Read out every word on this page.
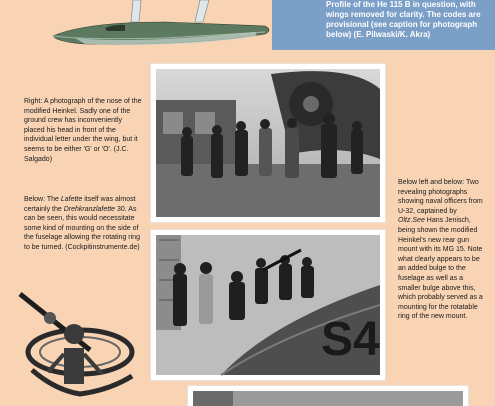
Profile of the He 115 B in question, with wings removed for clarity. The codes are provisional (see caption for photograph below) (E. Pilwaski/K. Akra)
Right: A photograph of the nose of the modified Heinkel. Sadly one of the ground crew has inconveniently placed his head in front of the individual letter under the wing, but it seems to be either 'G' or 'O'. (J.C. Salgado)
Below: The Lafette itself was almost certainly the Drehkranzlafette 30. As can be seen, this would necessitate some kind of mounting on the side of the fuselage allowing the rotating ring to be turned. (Cockpitinstrumente.de)
Below left and below: Two revealing photographs showing naval officers from U-32, captained by Oltz.See Hans Jenisch, being shown the modified Heinkel's new rear gun mount with its MG 15. Note what clearly appears to be an added bulge to the fuselage as well as a smaller bulge above this, which probably served as a mounting for the rotatable ring of the new mount.
S4
